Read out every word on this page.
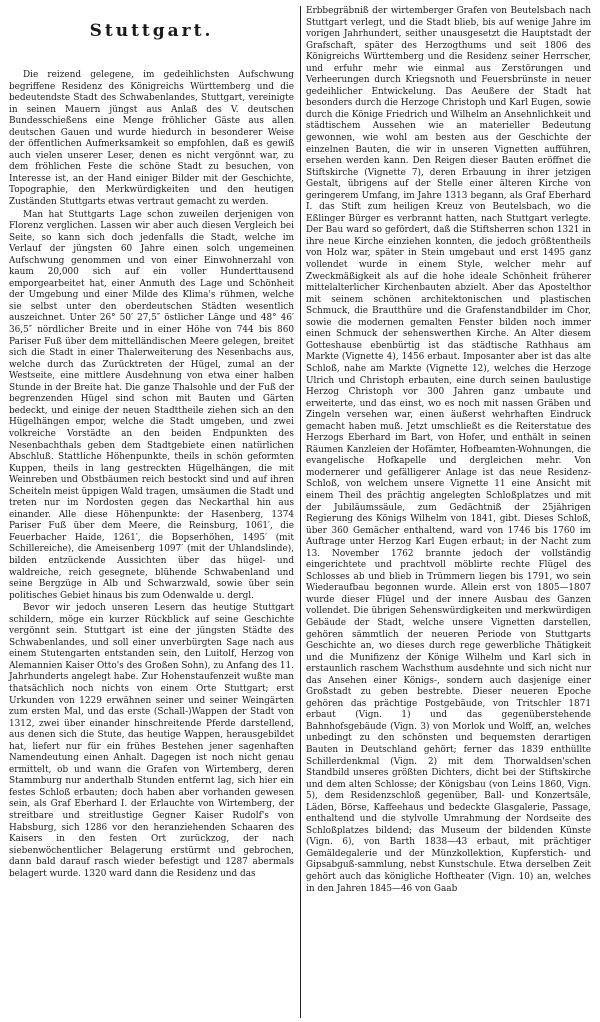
Stuttgart.

Die reizend gelegene, im gedeihlichsten Aufschwung begriffene Residenz des Königreichs Württemberg und die bedeutendste Stadt des Schwabenlandes, Stuttgart, vereinigte in seinen Mauern jüngst aus Anlaß des V. deutschen Bundesschießens eine Menge fröhlicher Gäste aus allen deutschen Gauen und wurde hiedurch in besonderer Weise der öffentlichen Aufmerksamkeit so empfohlen, daß es gewiß auch vielen unserer Leser, denen es nicht vergönnt war, zu dem fröhlichen Feste die schöne Stadt zu besuchen, von Interesse ist, an der Hand einiger Bilder mit der Geschichte, Topographie, den Merkwürdigkeiten und den heutigen Zuständen Stuttgarts etwas vertraut gemacht zu werden.

Man hat Stuttgarts Lage schon zuweilen derjenigen von Florenz verglichen. Lassen wir aber auch diesen Vergleich bei Seite, so kann sich doch jedenfalls die Stadt, welche im Verlauf der jüngsten 60 Jahre einen solch ungemeinen Aufschwung genommen und von einer Einwohnerzahl von kaum 20,000 sich auf ein voller Hunderttausend emporgearbeitet hat, einer Anmuth des Lage und Schönheit der Umgebung und einer Milde des Klima's rühmen, welche sie selbst unter den oberdeutschen Städten wesentlich auszeichnet. Unter 26° 50′ 27,5″ östlicher Länge und 48° 46′ 36,5″ nördlicher Breite und in einer Höhe von 744 bis 860 Pariser Fuß über dem mittelländischen Meere gelegen, breitet sich die Stadt in einer Thalerweiterung des Nesenbachs aus, welche durch das Zurücktreten der Hügel, zumal an der Westseite, eine mittlere Ausdehnung von etwa einer halben Stunde in der Breite hat. Die ganze Thalsohle und der Fuß der begrenzenden Hügel sind schon mit Bauten und Gärten bedeckt, und einige der neuen Stadttheile ziehen sich an den Hügelhängen empor, welche die Stadt umgeben, und zwei volkreiche Vorstädte an den beiden Endpunkten des Nesenbachthals geben dem Stadtgebiete einen natürlichen Abschluß. Stattliche Höhenpunkte, theils in schön geformten Kuppen, theils in lang gestreckten Hügelhängen, die mit Weinreben und Obstbäumen reich bestockt sind und auf ihren Scheiteln meist üppigen Wald tragen, umsäumen die Stadt und treten nur im Nordosten gegen das Neckarthal hin aus einander. Alle diese Höhenpunkte: der Hasenberg, 1374 Pariser Fuß über dem Meere, die Reinsburg, 1061′, die Feuerbacher Haide, 1261′, die Bopserhöhen, 1495′ (mit Schillereiche), die Ameisenberg 1097′ (mit der Uhlandslinde), bilden entzückende Aussichten über das hügel- und waldreiche, reich gesegnete, blühende Schwabenland und seine Bergzüge in Alb und Schwarzwald, sowie über sein politisches Gebiet hinaus bis zum Odenwalde u. dergl.

Bevor wir jedoch unseren Lesern das heutige Stuttgart schildern, möge ein kurzer Rückblick auf seine Geschichte vergönnt sein. Stuttgart ist eine der jüngsten Städte des Schwabenlandes, und soll einer unverbürgten Sage nach aus einem Stutengarten entstanden sein, den Luitolf, Herzog von Alemannien Kaiser Otto's des Großen Sohn), zu Anfang des 11. Jahrhunderts angelegt habe. Zur Hohenstaufenzeit wußte man thatsächlich noch nichts von einem Orte Stuttgart; erst Urkunden von 1229 erwähnen seiner und seiner Weingärten zum ersten Mal, und das erste (Schall-)Wappen der Stadt von 1312, zwei über einander hinschreitende Pferde darstellend, aus denen sich die Stute, das heutige Wappen, herausgebildet hat, liefert nur für ein frühes Bestehen jener sagenhaften Namendeutung einen Anhalt. Dagegen ist noch nicht genau ermittelt, ob und wann die Grafen von Wirtemberg, deren Stammburg nur anderthalb Stunden entfernt lag, sich hier ein festes Schloß erbauten; doch haben aber vorhanden gewesen sein, als Graf Eberhard I. der Erlauchte von Wirtemberg, der streitbare und streitlustige Gegner Kaiser Rudolf's von Habsburg, sich 1286 vor den heranziehenden Schaaren des Kaisers in den festen Ort zurückzog, der nach siebenwöchentlicher Belagerung erstürmt und gebrochen, dann bald darauf rasch wieder befestigt und 1287 abermals belagert wurde. 1320 ward dann die Residenz und das

Erbbegräbniß der wirtemberger Grafen von Beutelsbach nach Stuttgart verlegt, und die Stadt blieb, bis auf wenige Jahre im vorigen Jahrhundert, seither unausgesetzt die Hauptstadt der Grafschaft, später des Herzogthums und seit 1806 des Königreichs Württemberg und die Residenz seiner Herrscher, und erfuhr mehr wie einmal aus Zerstörungen und Verheerungen durch Kriegsnoth und Feuersbrünste in neuer gedeihlicher Entwickelung. Das Aeußere der Stadt hat besonders durch die Herzoge Christoph und Karl Eugen, sowie durch die Könige Friedrich und Wilhelm an Ansehnlichkeit und städtischem Aussehen wie an materieller Bedeutung gewonnen, wie wohl am besten aus der Geschichte der einzelnen Bauten, die wir in unseren Vignetten aufführen, ersehen werden kann. Den Reigen dieser Bauten eröffnet die Stiftskirche (Vignette 7), deren Erbauung in ihrer jetzigen Gestalt, übrigens auf der Stelle einer älteren Kirche von geringerem Umfang, im Jahre 1313 begann, als Graf Eberhard I. das Stift zum heiligen Kreuz von Beutelsbach, wo die Eßlinger Bürger es verbrannt hatten, nach Stuttgart verlegte. Der Bau ward so gefördert, daß die Stiftsherren schon 1321 in ihre neue Kirche einziehen konnten, die jedoch größtentheils von Holz war, später in Stein umgebaut und erst 1495 ganz vollendet wurde in einem Style, welcher mehr auf Zweckmäßigkeit als auf die hohe ideale Schönheit früherer mittelalterlicher Kirchenbauten abzielt. Aber das Apostelthor mit seinem schönen architektonischen und plastischen Schmuck, die Brautthüre und die Grafenstandbilder im Chor, sowie die modernen gemalten Fenster bilden noch immer einen Schmuck der sehenswerthen Kirche. An Alter diesem Gotteshause ebenbürtig ist das städtische Rathhaus am Markte (Vignette 4), 1456 erbaut. Imposanter aber ist das alte Schloß, nahe am Markte (Vignette 12), welches die Herzoge Ulrich und Christoph erbauten, eine durch seinen baulustige Herzog Christoph vor 300 Jahren ganz umbaute und erweiterte, und das einst, wo es noch mit nassen Gräben und Zingeln versehen war, einen äußerst wehrhaften Eindruck gemacht haben muß. Jetzt umschließt es die Reiterstatue des Herzogs Eberhard im Bart, von Hofer, und enthält in seinen Räumen Kanzleien der Hofämter, Hofbeamten-Wohnungen, die evangelische Hofkapelle und dergleichen mehr. Von modernerer und gefälligerer Anlage ist das neue Residenz-Schloß, von welchem unsere Vignette 11 eine Ansicht mit einem Theil des prächtig angelegten Schloßplatzes und mit der Jubiläumssäule, zum Gedächtniß der 25jährigen Regierung des Königs Wilhelm von 1841, gibt. Dieses Schloß, über 360 Gemächer enthaltend, ward von 1746 bis 1760 im Auftrage unter Herzog Karl Eugen erbaut; in der Nacht zum 13. November 1762 brannte jedoch der vollständig eingerichtete und prachtvoll möblirte rechte Flügel des Schlosses ab und blieb in Trümmern liegen bis 1791, wo sein Wiederaufbau begonnen wurde. Allein erst von 1805—1807 wurde dieser Flügel und der innere Ausbau des Ganzen vollendet. Die übrigen Sehenswürdigkeiten und merkwürdigen Gebäude der Stadt, welche unsere Vignetten darstellen, gehören sämmtlich der neueren Periode von Stuttgarts Geschichte an, wo dieses durch rege gewerbliche Thätigkeit und die Munifizenz der Könige Wilhelm und Karl sich in erstaunlich raschem Wachsthum ausdehnte und sich nicht nur das Ansehen einer Königs-, sondern auch dasjenige einer Großstadt zu geben bestrebte. Dieser neueren Epoche gehören das prächtige Postgebäude, von Tritschler 1871 erbaut (Vign. 1) und das gegenüberstehende Bahnhofsgebäude (Vign. 3) von Morlok und Wolff, an, welches unbedingt zu den schönsten und bequemsten derartigen Bauten in Deutschland gehört; ferner das 1839 enthüllte Schillerdenkmal (Vign. 2) mit dem Thorwaldsen'schen Standbild unseres größten Dichters, dicht bei der Stiftskirche und dem alten Schlosse; der Königsbau (von Leins 1860, Vign. 5), dem Residenzschloß gegenüber, Ball- und Konzertsäle, Läden, Börse, Kaffeehaus und bedeckte Glasgalerie, Passage, enthaltend und die stylvolle Umrahmung der Nordseite des Schloßplatzes bildend; das Museum der bildenden Künste (Vign. 6), von Barth 1838—43 erbaut, mit prächtiger Gemäldegalerie und der Münzkollektion, Kupferstich- und Gipsabguß-sammlung, nebst Kunstschule. Etwa derselben Zeit gehört auch das königliche Hoftheater (Vign. 10) an, welches in den Jahren 1845—46 von Gaab
